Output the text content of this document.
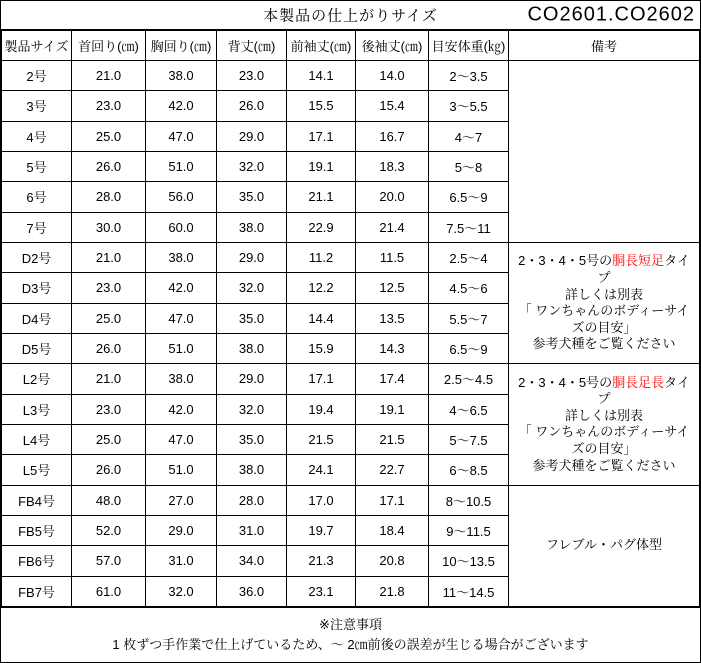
本製品の仕上がりサイズ	CO2601.CO2602
製品サイズ	首回り(㎝)	胸回り(㎝)	背丈(㎝)	前袖丈(㎝)	後袖丈(㎝)	目安体重(㎏)	備考
2号	21.0	38.0	23.0	14.1	14.0	2～3.5	
3号	23.0	42.0	26.0	15.5	15.4	3～5.5	
4号	25.0	47.0	29.0	17.1	16.7	4～7	
5号	26.0	51.0	32.0	19.1	18.3	5～8	
6号	28.0	56.0	35.0	21.1	20.0	6.5～9	
7号	30.0	60.0	38.0	22.9	21.4	7.5～11	
D2号	21.0	38.0	29.0	11.2	11.5	2.5～4	2・3・4・5号の胴長短足タイプ
詳しくは別表
「 ワンちゃんのボディーサイズの目安」
参考犬種をご覧ください

D3号	23.0	42.0	32.0	12.2	12.5	4.5～6	
D4号	25.0	47.0	35.0	14.4	13.5	5.5～7	
D5号	26.0	51.0	38.0	15.9	14.3	6.5～9	
L2号	21.0	38.0	29.0	17.1	17.4	2.5～4.5	2・3・4・5号の胴長足長タイプ
詳しくは別表
「 ワンちゃんのボディーサイズの目安」
参考犬種をご覧ください

L3号	23.0	42.0	32.0	19.4	19.1	4～6.5	
L4号	25.0	47.0	35.0	21.5	21.5	5～7.5	
L5号	26.0	51.0	38.0	24.1	22.7	6～8.5	
FB4号	48.0	27.0	28.0	17.0	17.1	8～10.5	フレブル・パグ体型

FB5号	52.0	29.0	31.0	19.7	18.4	9～11.5	
FB6号	57.0	31.0	34.0	21.3	20.8	10～13.5	
FB7号	61.0	32.0	36.0	23.1	21.8	11～14.5	
※注意事項
1 枚ずつ手作業で仕上げているため、～ 2㎝前後の誤差が生じる場合がございます
